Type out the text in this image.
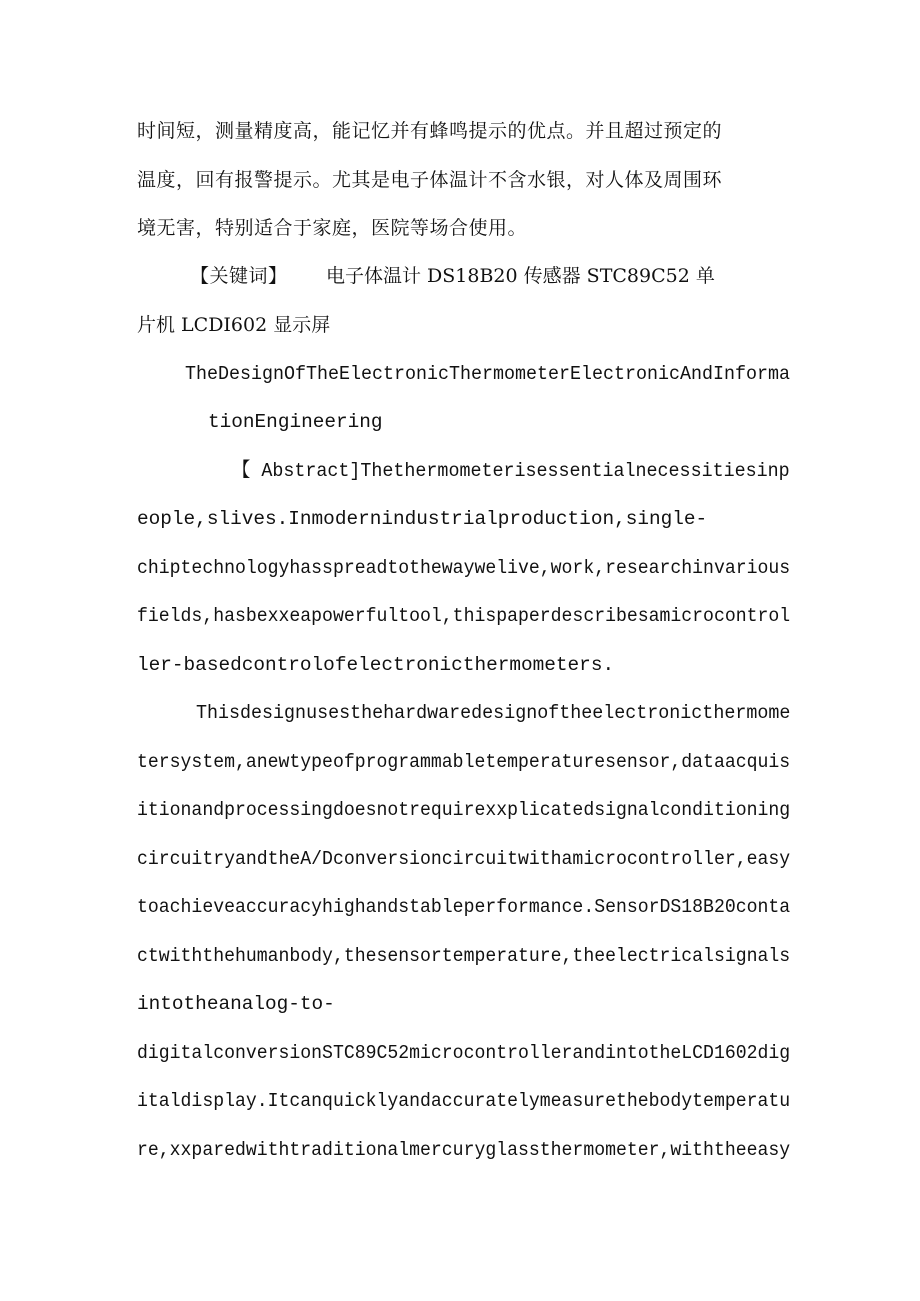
时间短，测量精度高，能记忆并有蜂鸣提示的优点。并且超过预定的
温度，回有报警提示。尤其是电子体温计不含水银，对人体及周围环
境无害，特别适合于家庭，医院等场合使用。
【关键词】 电子体温计 DS18B20 传感器 STC89C52 单
片机 LCDI602 显示屏
TheDesignOfTheElectronicThermometerElectronicAndInforma
tionEngineering
【 Abstract]Thethermometerisessentialnecessitiesinp
eople,slives.Inmodernindustrialproduction,single-
chiptechnologyhasspreadtothewaywelive,work,researchinvarious
fields,hasbexxeapowerfultool,thispaperdescribesamicrocontrol
ler-basedcontrolofelectronicthermometers.
Thisdesignusesthehardwaredesignoftheelectronicthermome
tersystem,anewtypeofprogrammabletemperaturesensor,dataacquis
itionandprocessingdoesnotrequirexxplicatedsignalconditioning
circuitryandtheA/Dconversioncircuitwithamicrocontroller,easy
toachieveaccuracyhighandstableperformance.SensorDS18B20conta
ctwiththehumanbody,thesensortemperature,theelectricalsignals
intotheanalog-to-
digitalconversionSTC89C52microcontrollerandintotheLCD1602dig
italdisplay.Itcanquicklyandaccuratelymeasurethebodytemperatu
re,xxparedwithtraditionalmercuryglassthermometer,withtheeasy
